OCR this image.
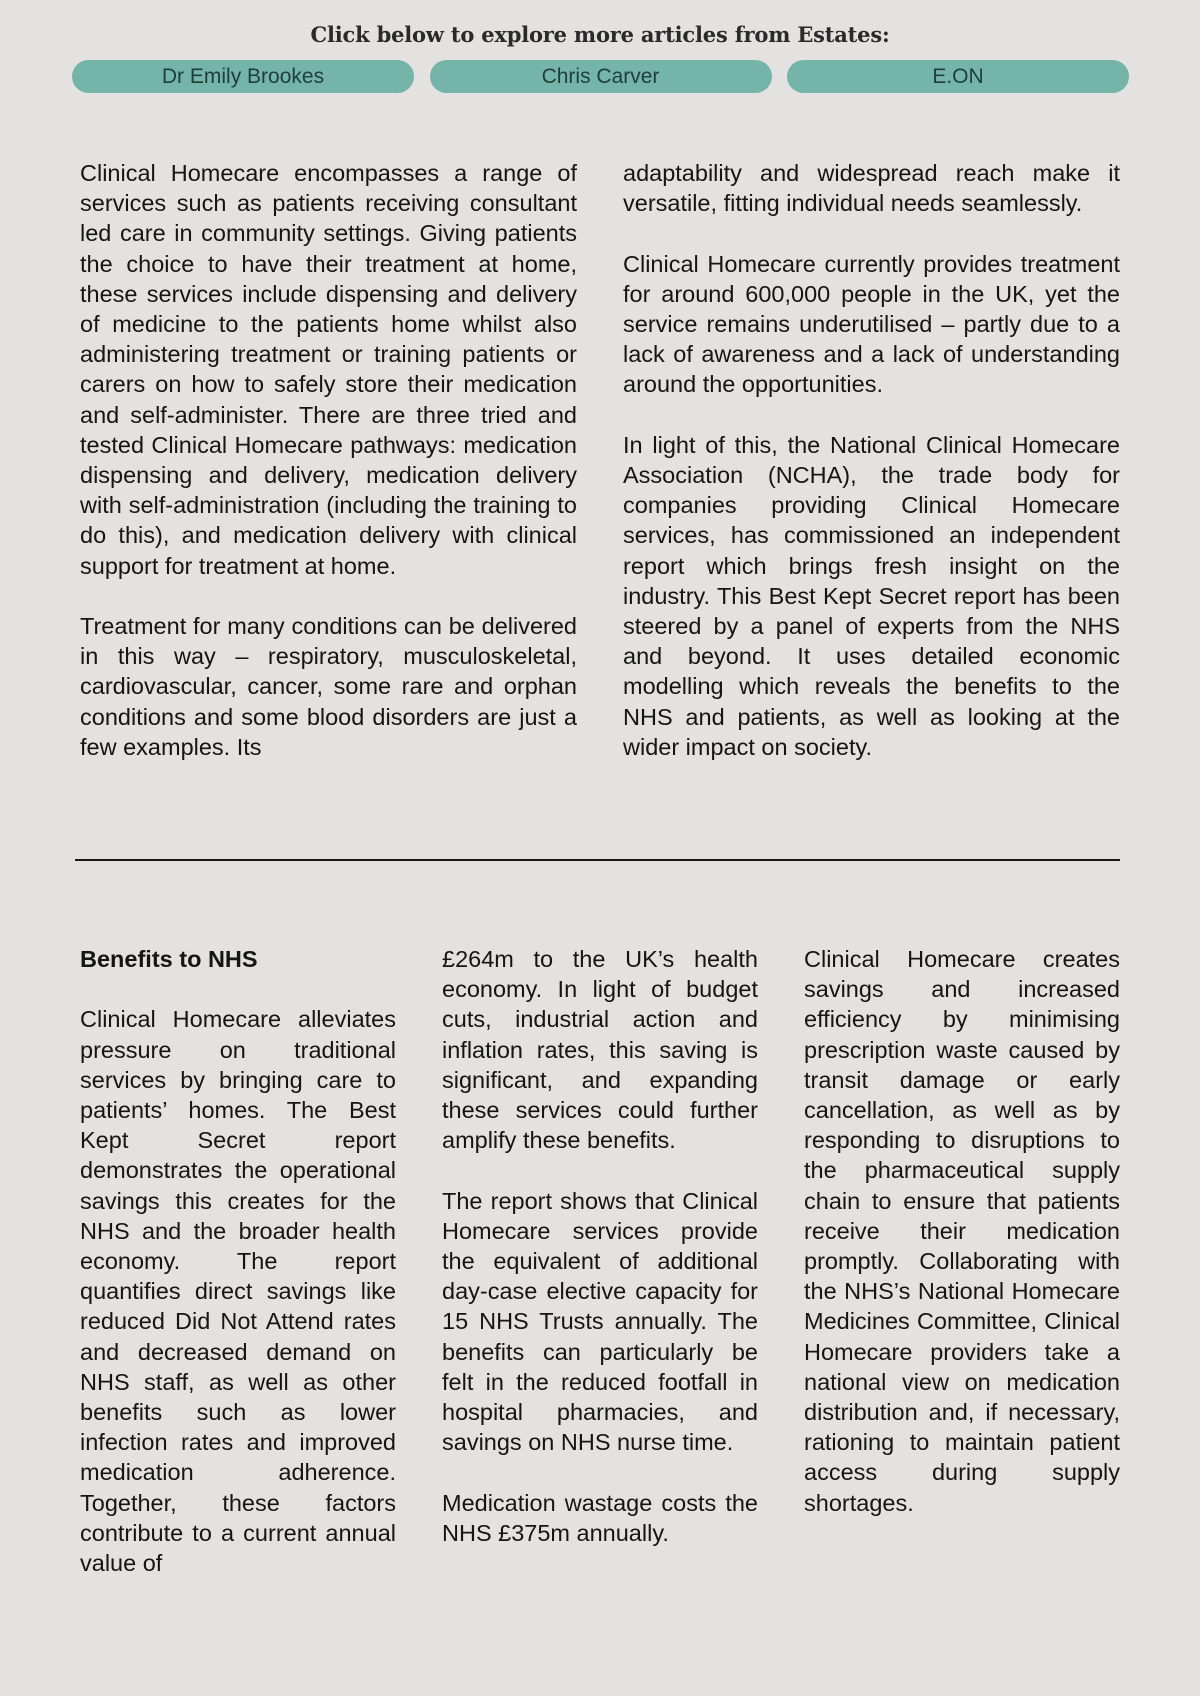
Click below to explore more articles from Estates:
Dr Emily Brookes	Chris Carver	E.ON

Clinical Homecare encompasses a range of services such as patients receiving consultant led care in community settings. Giving patients the choice to have their treatment at home, these services include dispensing and delivery of medicine to the patients home whilst also administering treatment or training patients or carers on how to safely store their medication and self-administer. There are three tried and tested Clinical Homecare pathways: medication dispensing and delivery, medication delivery with self-administration (including the training to do this), and medication delivery with clinical support for treatment at home.

Treatment for many conditions can be delivered in this way – respiratory, musculoskeletal, cardiovascular, cancer, some rare and orphan conditions and some blood disorders are just a few examples. Its

adaptability and widespread reach make it versatile, fitting individual needs seamlessly.

Clinical Homecare currently provides treatment for around 600,000 people in the UK, yet the service remains underutilised – partly due to a lack of awareness and a lack of understanding around the opportunities.

In light of this, the National Clinical Homecare Association (NCHA), the trade body for companies providing Clinical Homecare services, has commissioned an independent report which brings fresh insight on the industry. This Best Kept Secret report has been steered by a panel of experts from the NHS and beyond. It uses detailed economic modelling which reveals the benefits to the NHS and patients, as well as looking at the wider impact on society.

Benefits to NHS

Clinical Homecare alleviates pressure on traditional services by bringing care to patients’ homes. The Best Kept Secret report demonstrates the operational savings this creates for the NHS and the broader health economy. The report quantifies direct savings like reduced Did Not Attend rates and decreased demand on NHS staff, as well as other benefits such as lower infection rates and improved medication adherence. Together, these factors contribute to a current annual value of

£264m to the UK’s health economy. In light of budget cuts, industrial action and inflation rates, this saving is significant, and expanding these services could further amplify these benefits.

The report shows that Clinical Homecare services provide the equivalent of additional day-case elective capacity for 15 NHS Trusts annually. The benefits can particularly be felt in the reduced footfall in hospital pharmacies, and savings on NHS nurse time.

Medication wastage costs the NHS £375m annually.

Clinical Homecare creates savings and increased efficiency by minimising prescription waste caused by transit damage or early cancellation, as well as by responding to disruptions to the pharmaceutical supply chain to ensure that patients receive their medication promptly. Collaborating with the NHS’s National Homecare Medicines Committee, Clinical Homecare providers take a national view on medication distribution and, if necessary, rationing to maintain patient access during supply shortages.
